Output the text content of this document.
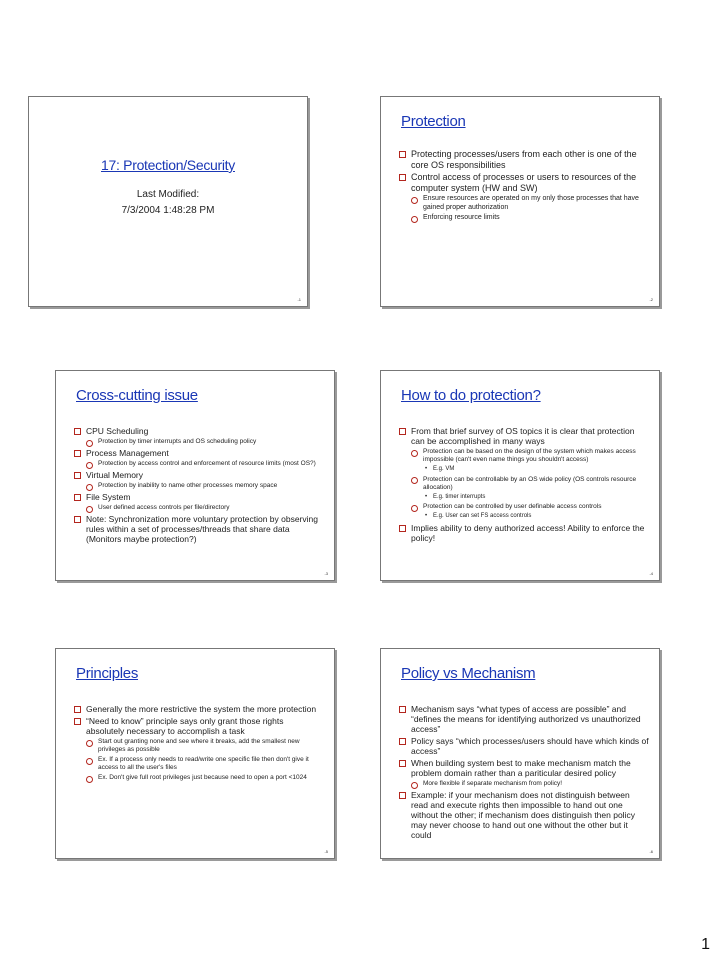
17: Protection/Security
Last Modified:
7/3/2004 1:48:28 PM
-1
Protection
Protecting processes/users from each other is one of the core OS responsibilities
Control access of processes or users to resources of the computer system (HW and SW)
Ensure resources are operated on my only those processes that have gained proper authorization
Enforcing resource limits
-2
Cross-cutting issue
CPU Scheduling
Protection by timer interrupts and OS scheduling policy
Process Management
Protection by access control and enforcement of resource limits (most OS?)
Virtual Memory
Protection by inability to name other processes memory space
File System
User defined access controls per file/directory
Note: Synchronization more voluntary protection by observing rules within a set of processes/threads that share data (Monitors maybe protection?)
-3
How to do protection?
From that brief survey of OS topics it is clear that protection can be accomplished in many ways
Protection can be based on the design of the system which makes access impossible (can't even name things you shouldn't access)
• E.g. VM
Protection can be controllable by an OS wide policy (OS controls resource allocation)
• E.g. timer interrupts
Protection can be controlled by user definable access controls
• E.g. User can set FS access controls
Implies ability to deny authorized access! Ability to enforce the policy!
-4
Principles
Generally the more restrictive the system the more protection
“Need to know” principle says only grant those rights absolutely necessary to accomplish a task
Start out granting none and see where it breaks, add the smallest new privileges as possible
Ex. If a process only needs to read/write one specific file then don't give it access to all the user's files
Ex. Don't give full root privileges just because need to open a port <1024
-5
Policy vs Mechanism
Mechanism says “what types of access are possible” and “defines the means for identifying authorized vs unauthorized access”
Policy says “which processes/users should have which kinds of access”
When building system best to make mechanism match the problem domain rather than a pariticular desired policy
More flexible if separate mechanism from policy!
Example: if your mechanism does not distinguish between read and execute rights then impossible to hand out one without the other; if mechanism does distinguish then policy may never choose to hand out one without the other but it could
-6
1
